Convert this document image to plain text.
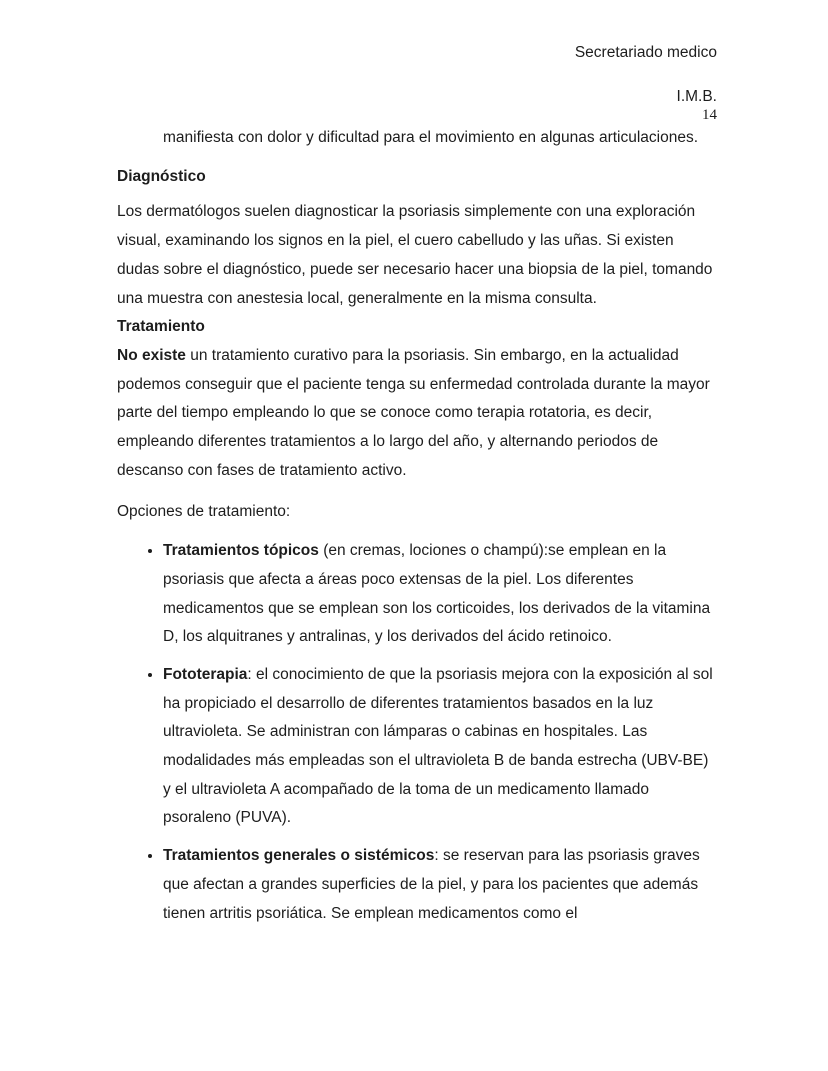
Secretariado medico

I.M.B.

14

manifiesta con dolor y dificultad para el movimiento en algunas articulaciones.

Diagnóstico

Los dermatólogos suelen diagnosticar la psoriasis simplemente con una exploración visual, examinando los signos en la piel, el cuero cabelludo y las uñas. Si existen dudas sobre el diagnóstico, puede ser necesario hacer una biopsia de la piel, tomando una muestra con anestesia local, generalmente en la misma consulta.

Tratamiento

No existe un tratamiento curativo para la psoriasis. Sin embargo, en la actualidad podemos conseguir que el paciente tenga su enfermedad controlada durante la mayor parte del tiempo empleando lo que se conoce como terapia rotatoria, es decir, empleando diferentes tratamientos a lo largo del año, y alternando periodos de descanso con fases de tratamiento activo.

Opciones de tratamiento:

• Tratamientos tópicos (en cremas, lociones o champú):se emplean en la psoriasis que afecta a áreas poco extensas de la piel. Los diferentes medicamentos que se emplean son los corticoides, los derivados de la vitamina D, los alquitranes y antralinas, y los derivados del ácido retinoico.
• Fototerapia: el conocimiento de que la psoriasis mejora con la exposición al sol ha propiciado el desarrollo de diferentes tratamientos basados en la luz ultravioleta. Se administran con lámparas o cabinas en hospitales. Las modalidades más empleadas son el ultravioleta B de banda estrecha (UBV-BE) y el ultravioleta A acompañado de la toma de un medicamento llamado psoraleno (PUVA).
• Tratamientos generales o sistémicos: se reservan para las psoriasis graves que afectan a grandes superficies de la piel, y para los pacientes que además tienen artritis psoriática. Se emplean medicamentos como el
